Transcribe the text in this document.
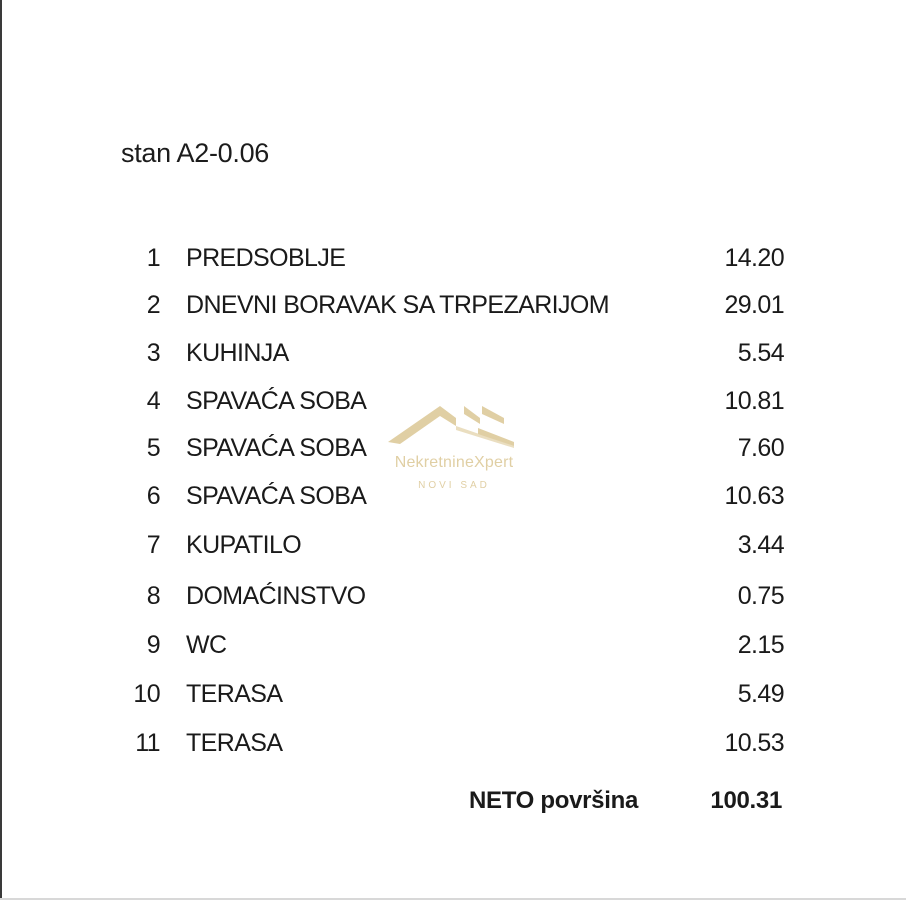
stan A2-0.06
1 PREDSOBLJE	14.20
2 DNEVNI BORAVAK SA TRPEZARIJOM	29.01
3 KUHINJA	5.54
4 SPAVAĆA SOBA	10.81
5 SPAVAĆA SOBA	7.60
6 SPAVAĆA SOBA	10.63
7 KUPATILO	3.44
8 DOMAĆINSTVO	0.75
9 WC	2.15
10 TERASA	5.49
11 TERASA	10.53
NETO površina	100.31
NekretnineXpert
NOVI SAD
